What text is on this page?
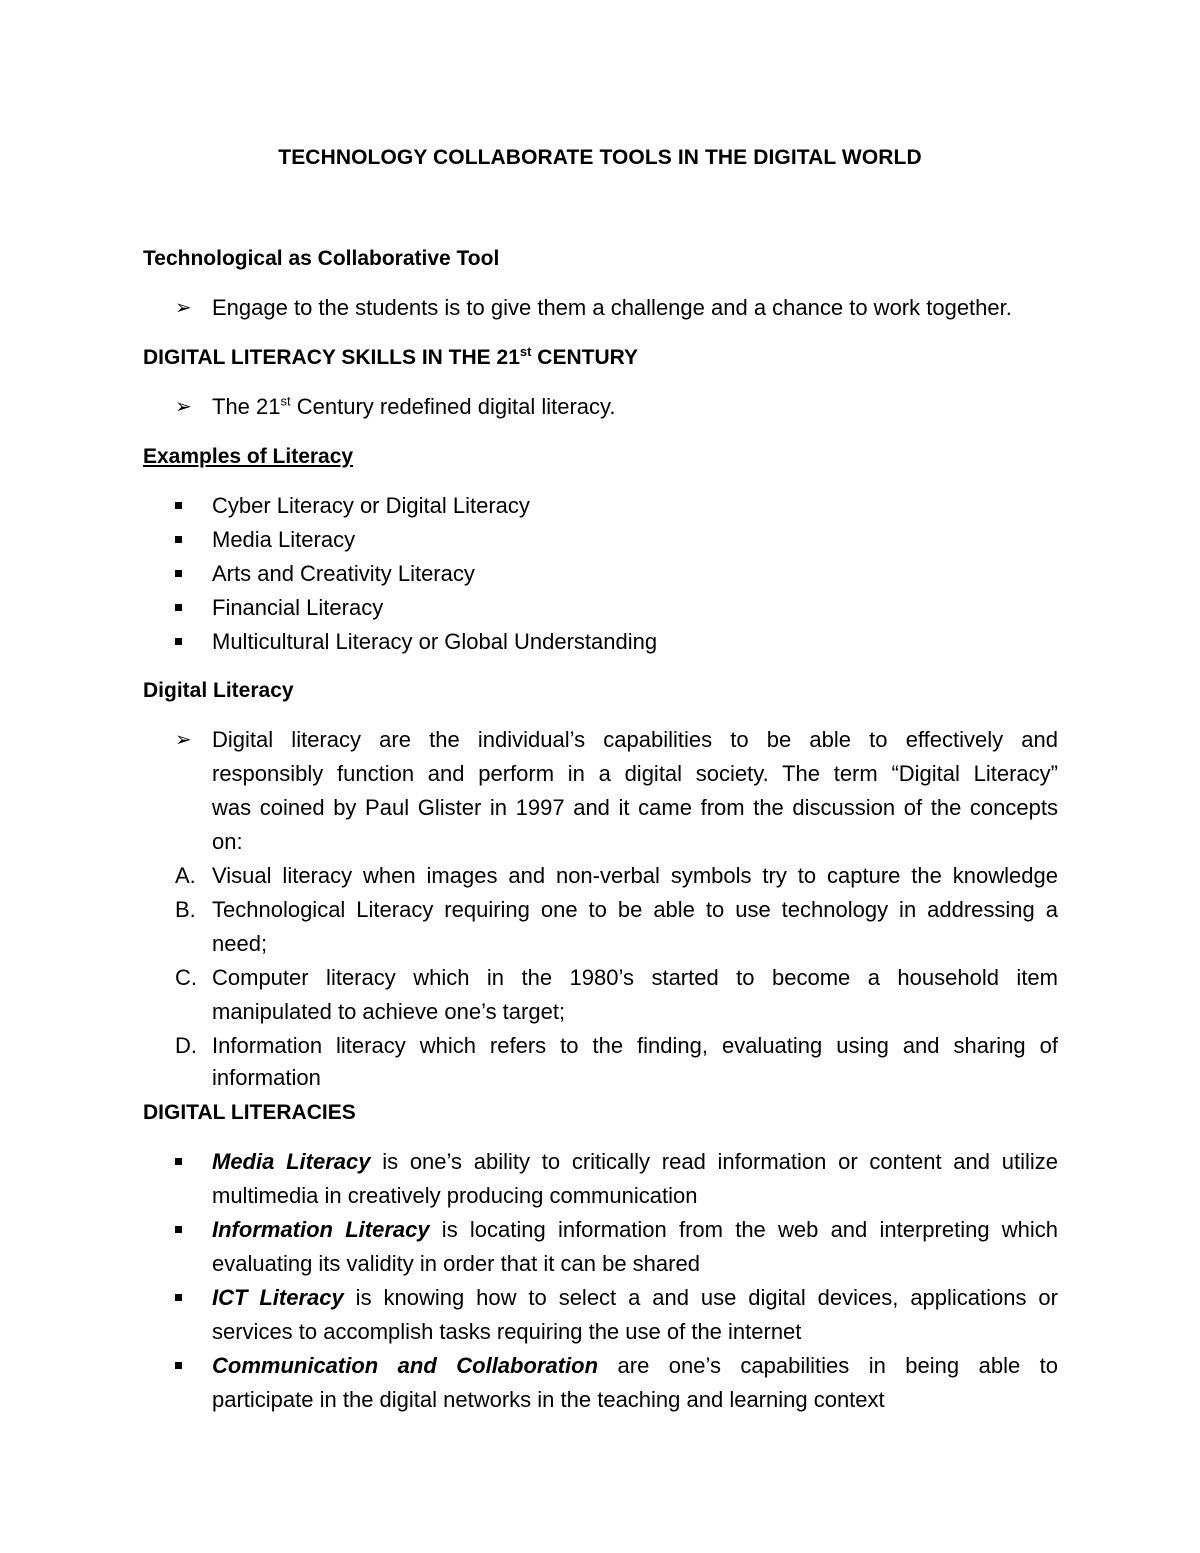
TECHNOLOGY COLLABORATE TOOLS IN THE DIGITAL WORLD
Technological as Collaborative Tool
➢ Engage to the students is to give them a challenge and a chance to work together.
DIGITAL LITERACY SKILLS IN THE 21st CENTURY
➢ The 21st Century redefined digital literacy.
Examples of Literacy
Cyber Literacy or Digital Literacy
Media Literacy
Arts and Creativity Literacy
Financial Literacy
Multicultural Literacy or Global Understanding
Digital Literacy
➢ Digital literacy are the individual’s capabilities to be able to effectively and
responsibly function and perform in a digital society. The term “Digital Literacy”
was coined by Paul Glister in 1997 and it came from the discussion of the concepts
on:
A. Visual literacy when images and non-verbal symbols try to capture the knowledge
B. Technological Literacy requiring one to be able to use technology in addressing a
need;
C. Computer literacy which in the 1980’s started to become a household item
manipulated to achieve one’s target;
D. Information literacy which refers to the finding, evaluating using and sharing of
information
DIGITAL LITERACIES
Media Literacy is one’s ability to critically read information or content and utilize
multimedia in creatively producing communication
Information Literacy is locating information from the web and interpreting which
evaluating its validity in order that it can be shared
ICT Literacy is knowing how to select a and use digital devices, applications or
services to accomplish tasks requiring the use of the internet
Communication and Collaboration are one’s capabilities in being able to
participate in the digital networks in the teaching and learning context
